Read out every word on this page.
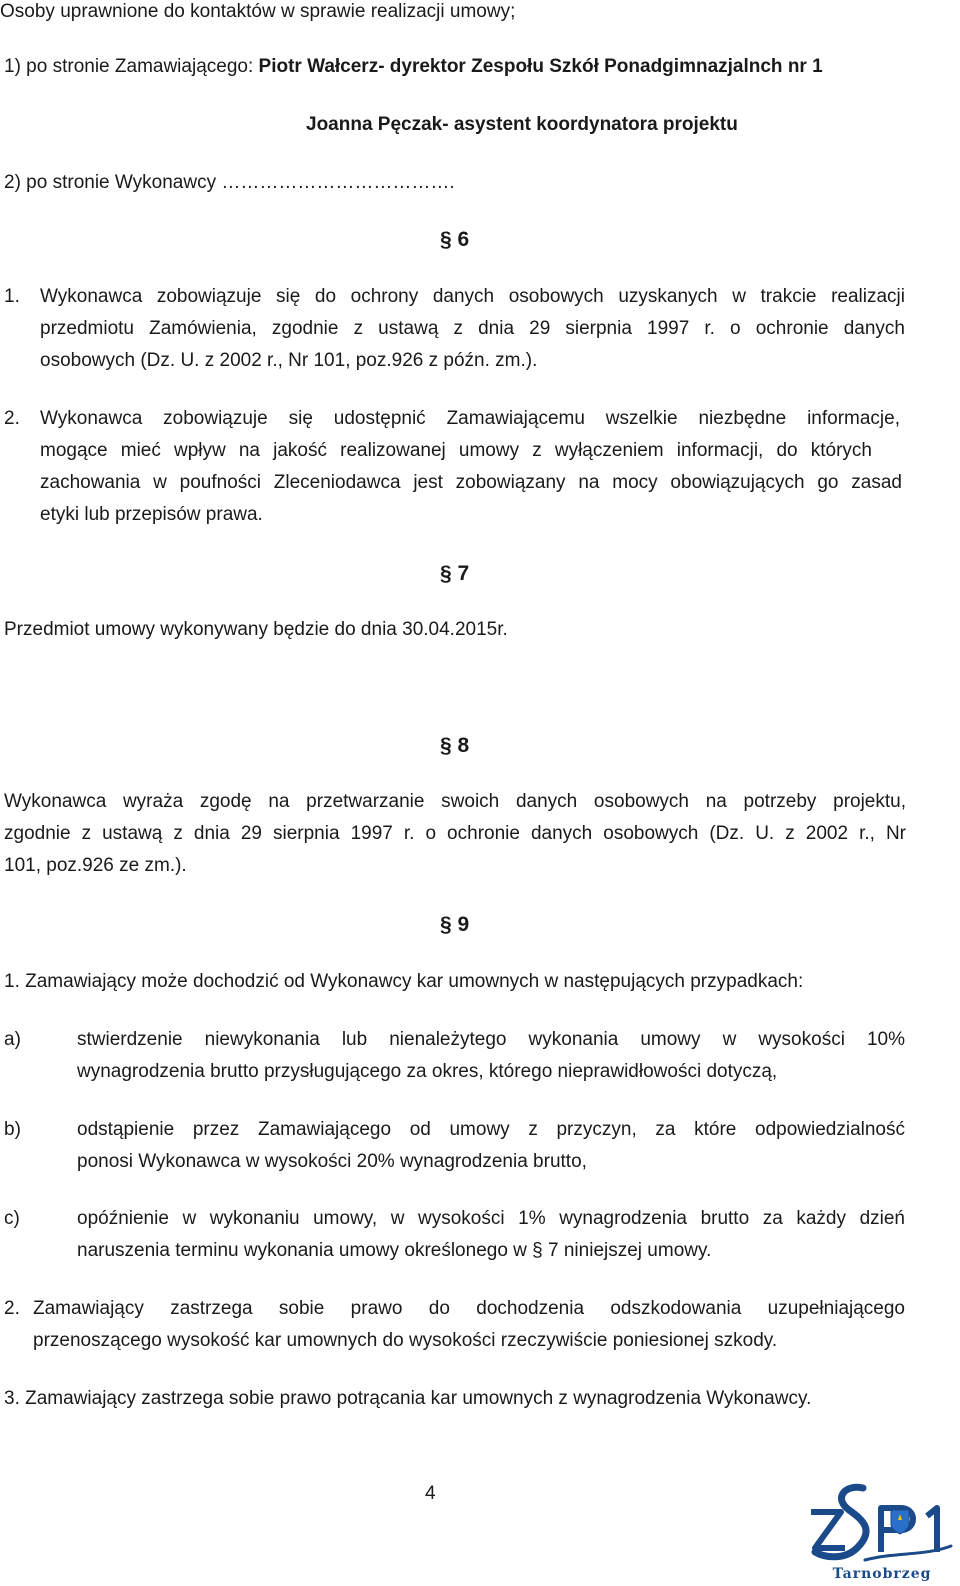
Osoby uprawnione do kontaktów w sprawie realizacji umowy;
1) po stronie Zamawiającego: Piotr Wałcerz- dyrektor Zespołu Szkół Ponadgimnazjalnch nr 1
Joanna Pęczak- asystent koordynatora projektu
2) po stronie Wykonawcy ……………………………….
§ 6
1. Wykonawca zobowiązuje się do ochrony danych osobowych uzyskanych w trakcie realizacji
przedmiotu Zamówienia, zgodnie z ustawą z dnia 29 sierpnia 1997 r. o ochronie danych
osobowych (Dz. U. z 2002 r., Nr 101, poz.926 z późn. zm.).
2. Wykonawca zobowiązuje się udostępnić Zamawiającemu wszelkie niezbędne informacje,
mogące mieć wpływ na jakość realizowanej umowy z wyłączeniem informacji, do których
zachowania w poufności Zleceniodawca jest zobowiązany na mocy obowiązujących go zasad
etyki lub przepisów prawa.
§ 7
Przedmiot umowy wykonywany będzie do dnia 30.04.2015r.
§ 8
Wykonawca wyraża zgodę na przetwarzanie swoich danych osobowych na potrzeby projektu,
zgodnie z ustawą z dnia 29 sierpnia 1997 r. o ochronie danych osobowych (Dz. U. z 2002 r., Nr
101, poz.926 ze zm.).
§ 9
1. Zamawiający może dochodzić od Wykonawcy kar umownych w następujących przypadkach:
a)	stwierdzenie niewykonania lub nienależytego wykonania umowy w wysokości 10%
wynagrodzenia brutto przysługującego za okres, którego nieprawidłowości dotyczą,
b)	odstąpienie przez Zamawiającego od umowy z przyczyn, za które odpowiedzialność
ponosi Wykonawca w wysokości 20% wynagrodzenia brutto,
c)	opóźnienie w wykonaniu umowy, w wysokości 1% wynagrodzenia brutto za każdy dzień
naruszenia terminu wykonania umowy określonego w § 7 niniejszej umowy.
2. Zamawiający zastrzega sobie prawo do dochodzenia odszkodowania uzupełniającego
przenoszącego wysokość kar umownych do wysokości rzeczywiście poniesionej szkody.
3. Zamawiający zastrzega sobie prawo potrącania kar umownych z wynagrodzenia Wykonawcy.
4
Tarnobrzeg
